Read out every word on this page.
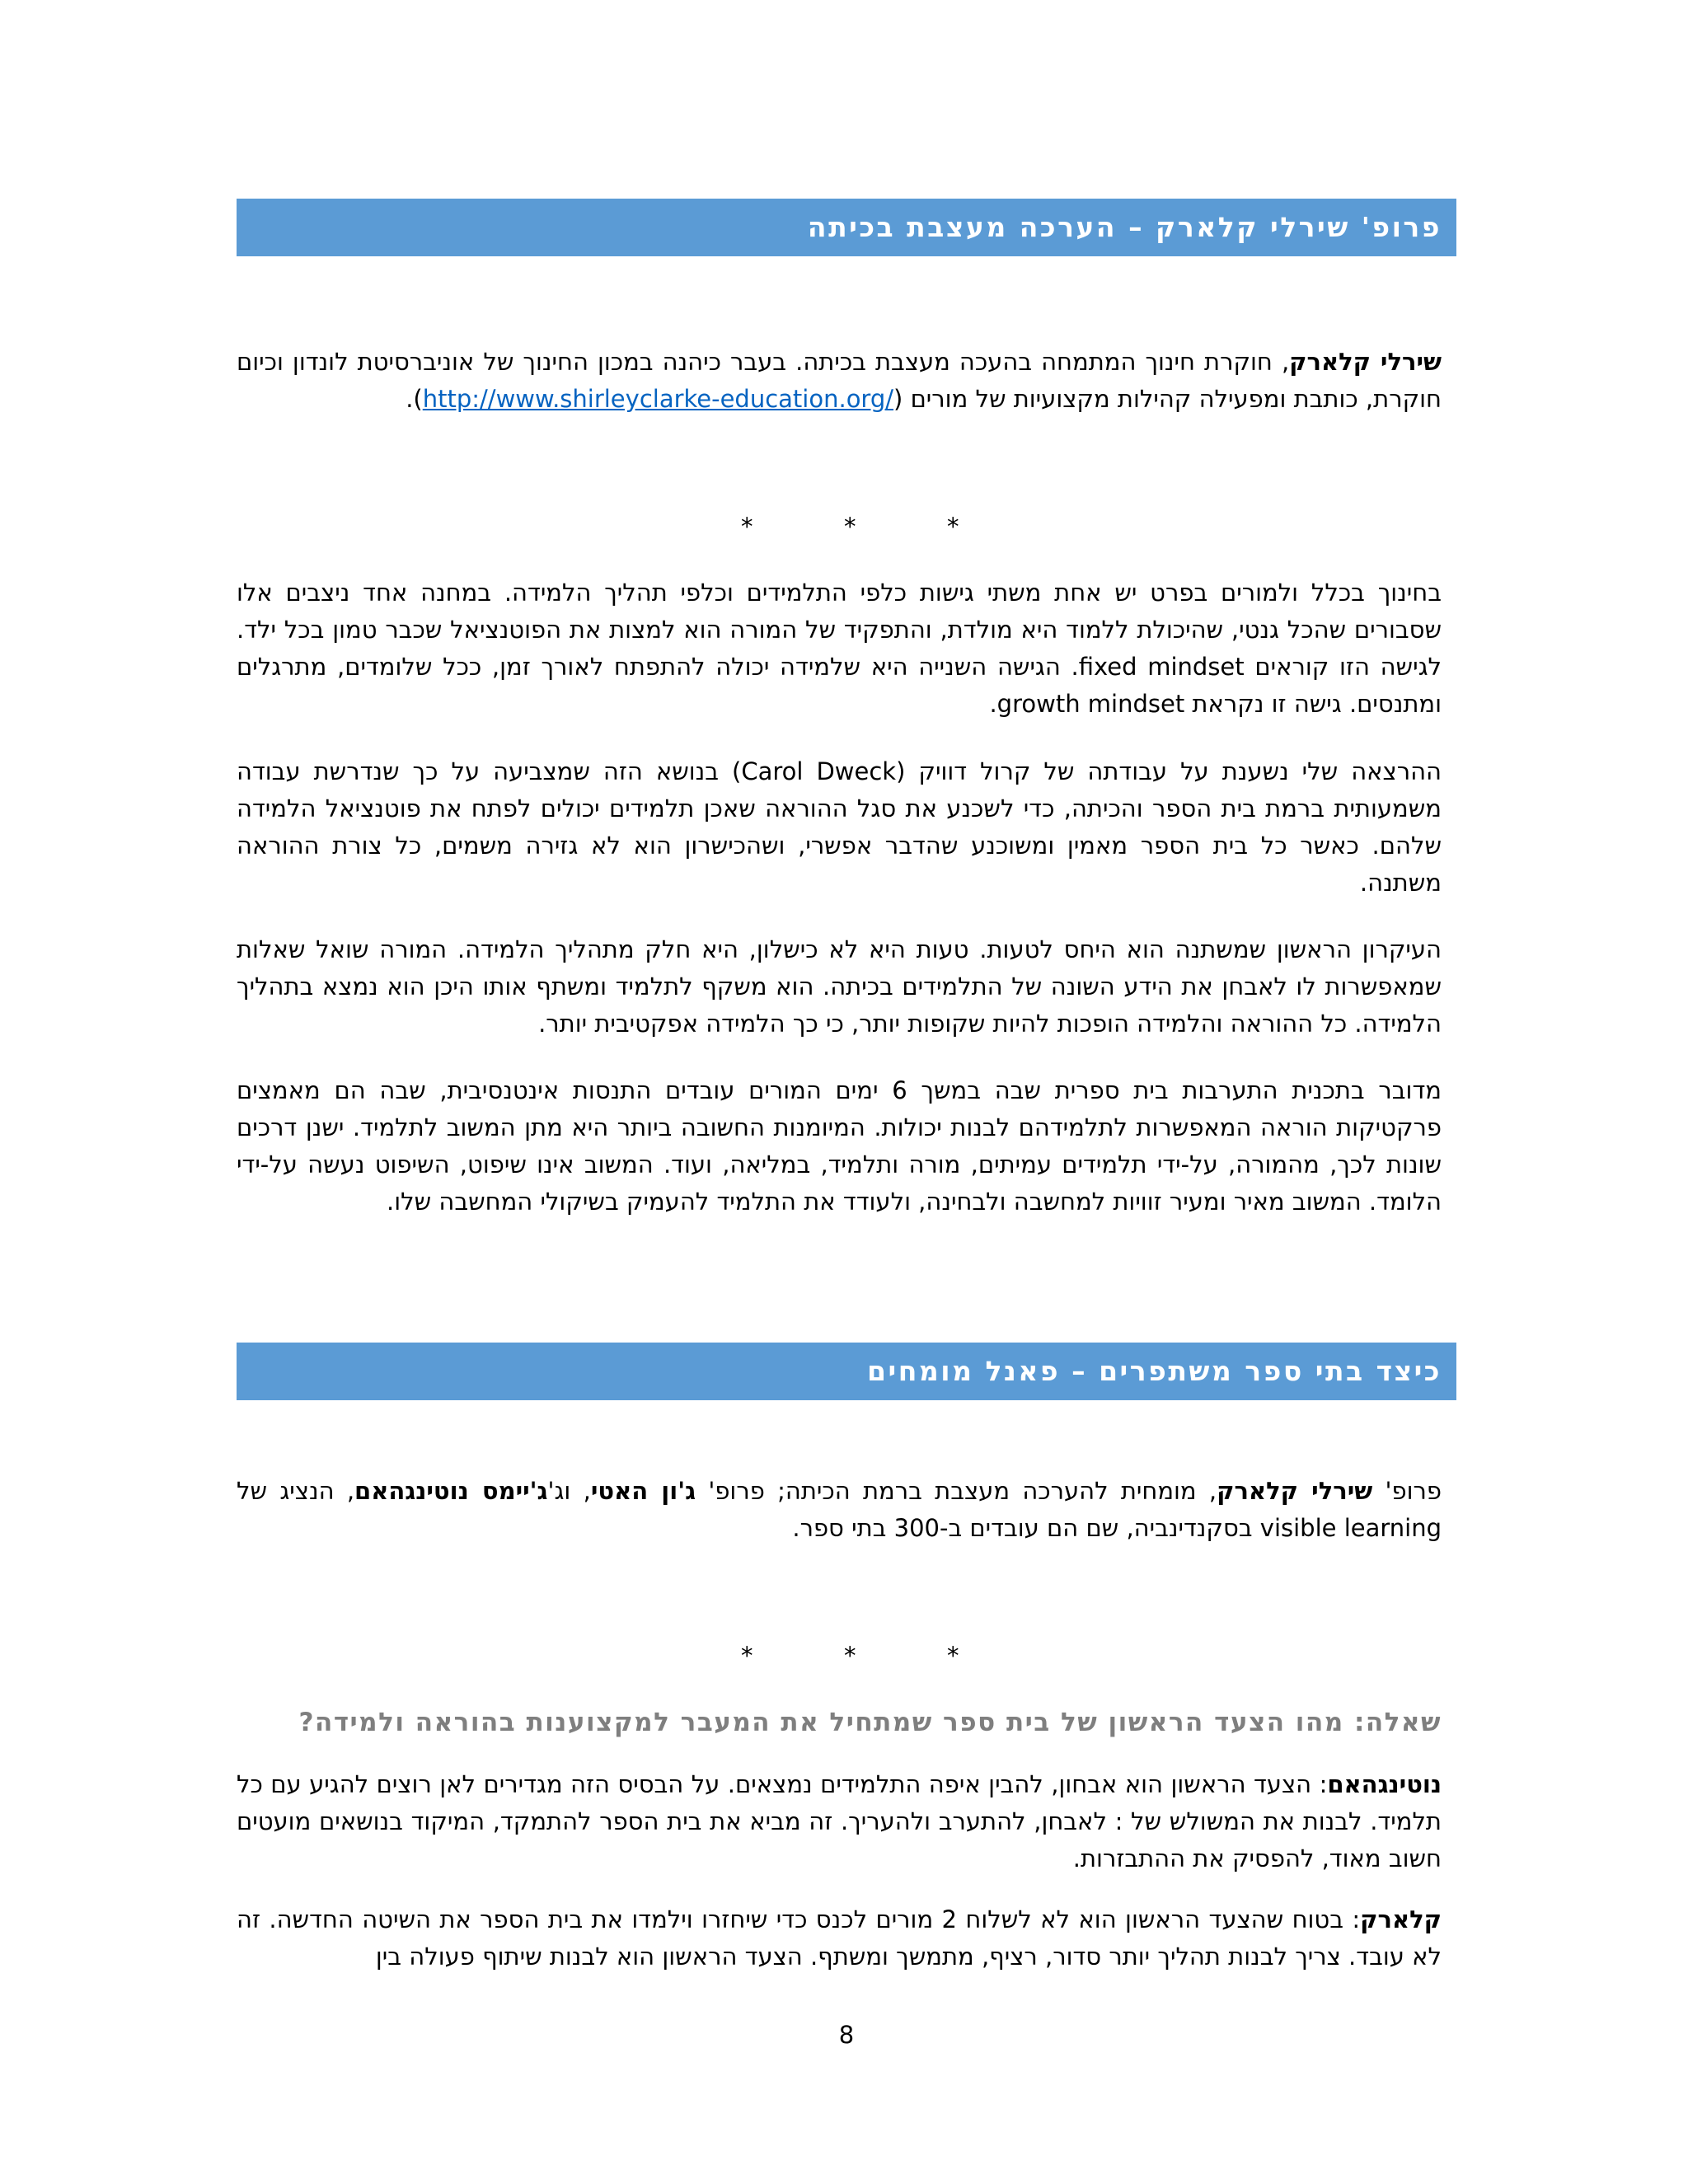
פרופ' שירלי קלארק – הערכה מעצבת בכיתה

שירלי קלארק, חוקרת חינוך המתמחה בהעכה מעצבת בכיתה. בעבר כיהנה במכון החינוך של אוניברסיטת לונדון וכיום חוקרת, כותבת ומפעילה קהילות מקצועיות של מורים (http://www.shirleyclarke-education.org/).

*	*	*

בחינוך בכלל ולמורים בפרט יש אחת משתי גישות כלפי התלמידים וכלפי תהליך הלמידה. במחנה אחד ניצבים אלו שסבורים שהכל גנטי, שהיכולת ללמוד היא מולדת, והתפקיד של המורה הוא למצות את הפוטנציאל שכבר טמון בכל ילד. לגישה הזו קוראים fixed mindset. הגישה השנייה היא שלמידה יכולה להתפתח לאורך זמן, ככל שלומדים, מתרגלים ומתנסים. גישה זו נקראת growth mindset.

ההרצאה שלי נשענת על עבודתה של קרול דוויק (Carol Dweck) בנושא הזה שמצביעה על כך שנדרשת עבודה משמעותית ברמת בית הספר והכיתה, כדי לשכנע את סגל ההוראה שאכן תלמידים יכולים לפתח את פוטנציאל הלמידה שלהם. כאשר כל בית הספר מאמין ומשוכנע שהדבר אפשרי, ושהכישרון הוא לא גזירה משמים, כל צורת ההוראה משתנה.

העיקרון הראשון שמשתנה הוא היחס לטעות. טעות היא לא כישלון, היא חלק מתהליך הלמידה. המורה שואל שאלות שמאפשרות לו לאבחן את הידע השונה של התלמידים בכיתה. הוא משקף לתלמיד ומשתף אותו היכן הוא נמצא בתהליך הלמידה. כל ההוראה והלמידה הופכות להיות שקופות יותר, כי כך הלמידה אפקטיבית יותר.

מדובר בתכנית התערבות בית ספרית שבה במשך 6 ימים המורים עובדים התנסות אינטנסיבית, שבה הם מאמצים פרקטיקות הוראה המאפשרות לתלמידהם לבנות יכולות. המיומנות החשובה ביותר היא מתן המשוב לתלמיד. ישנן דרכים שונות לכך, מהמורה, על-ידי תלמידים עמיתים, מורה ותלמיד, במליאה, ועוד. המשוב אינו שיפוט, השיפוט נעשה על-ידי הלומד. המשוב מאיר ומעיר זוויות למחשבה ולבחינה, ולעודד את התלמיד להעמיק בשיקולי המחשבה שלו.

כיצד בתי ספר משתפרים – פאנל מומחים

פרופ' שירלי קלארק, מומחית להערכה מעצבת ברמת הכיתה; פרופ' ג'ון האטי, וג'ג'יימס נוטינגהאם, הנציג של visible learning בסקנדינביה, שם הם עובדים ב-300 בתי ספר.

*	*	*
שאלה: מהו הצעד הראשון של בית ספר שמתחיל את המעבר למקצוענות בהוראה ולמידה?

נוטינגהאם: הצעד הראשון הוא אבחון, להבין איפה התלמידים נמצאים. על הבסיס הזה מגדירים לאן רוצים להגיע עם כל תלמיד. לבנות את המשולש של : לאבחן, להתערב ולהעריך. זה מביא את בית הספר להתמקד, המיקוד בנושאים מועטים חשוב מאוד, להפסיק את ההתבזרות.

קלארק: בטוח שהצעד הראשון הוא לא לשלוח 2 מורים לכנס כדי שיחזרו וילמדו את בית הספר את השיטה החדשה. זה לא עובד. צריך לבנות תהליך יותר סדור, רציף, מתמשך ומשתף. הצעד הראשון הוא לבנות שיתוף פעולה בין

8
